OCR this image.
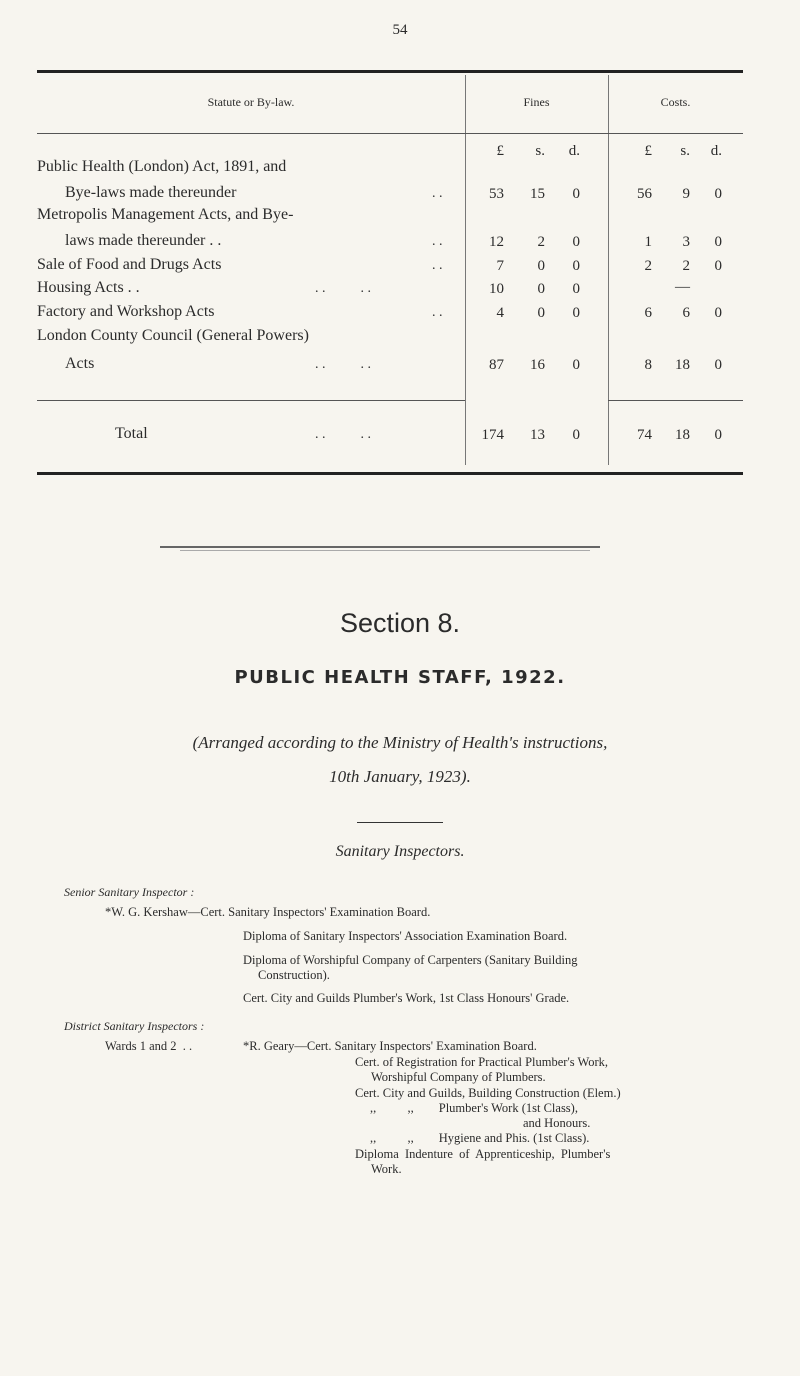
54
Statute or By-law.	Fines	Costs.
£	s.	d.	£	s.	d.
Public Health (London) Act, 1891, and
Bye-laws made thereunder	. .	53	15	0	56	9	0
Metropolis Management Acts, and Bye-
laws made thereunder . .	. .	12	2	0	1	3	0
Sale of Food and Drugs Acts	. .	7	0	0	2	2	0
Housing Acts . .	. .          . .	10	0	0	—
Factory and Workshop Acts	. .	4	0	0	6	6	0
London County Council (General Powers)
Acts	. .          . .	87	16	0	8	18	0
Total	. .          . .	174	13	0	74	18	0
Section 8.
PUBLIC HEALTH STAFF, 1922.
(Arranged according to the Ministry of Health's instructions,
10th January, 1923).
Sanitary Inspectors.
Senior Sanitary Inspector :
*W. G. Kershaw—Cert. Sanitary Inspectors' Examination Board.
Diploma of Sanitary Inspectors' Association Examination Board.
Diploma of Worshipful Company of Carpenters (Sanitary Building
Construction).
Cert. City and Guilds Plumber's Work, 1st Class Honours' Grade.
District Sanitary Inspectors :
Wards 1 and 2  . .	*R. Geary—Cert. Sanitary Inspectors' Examination Board.
Cert. of Registration for Practical Plumber's Work,
Worshipful Company of Plumbers.
Cert. City and Guilds, Building Construction (Elem.)
,,          ,,        Plumber's Work (1st Class),
and Honours.
,,          ,,        Hygiene and Phis. (1st Class).
Diploma  Indenture  of  Apprenticeship,  Plumber's
Work.
